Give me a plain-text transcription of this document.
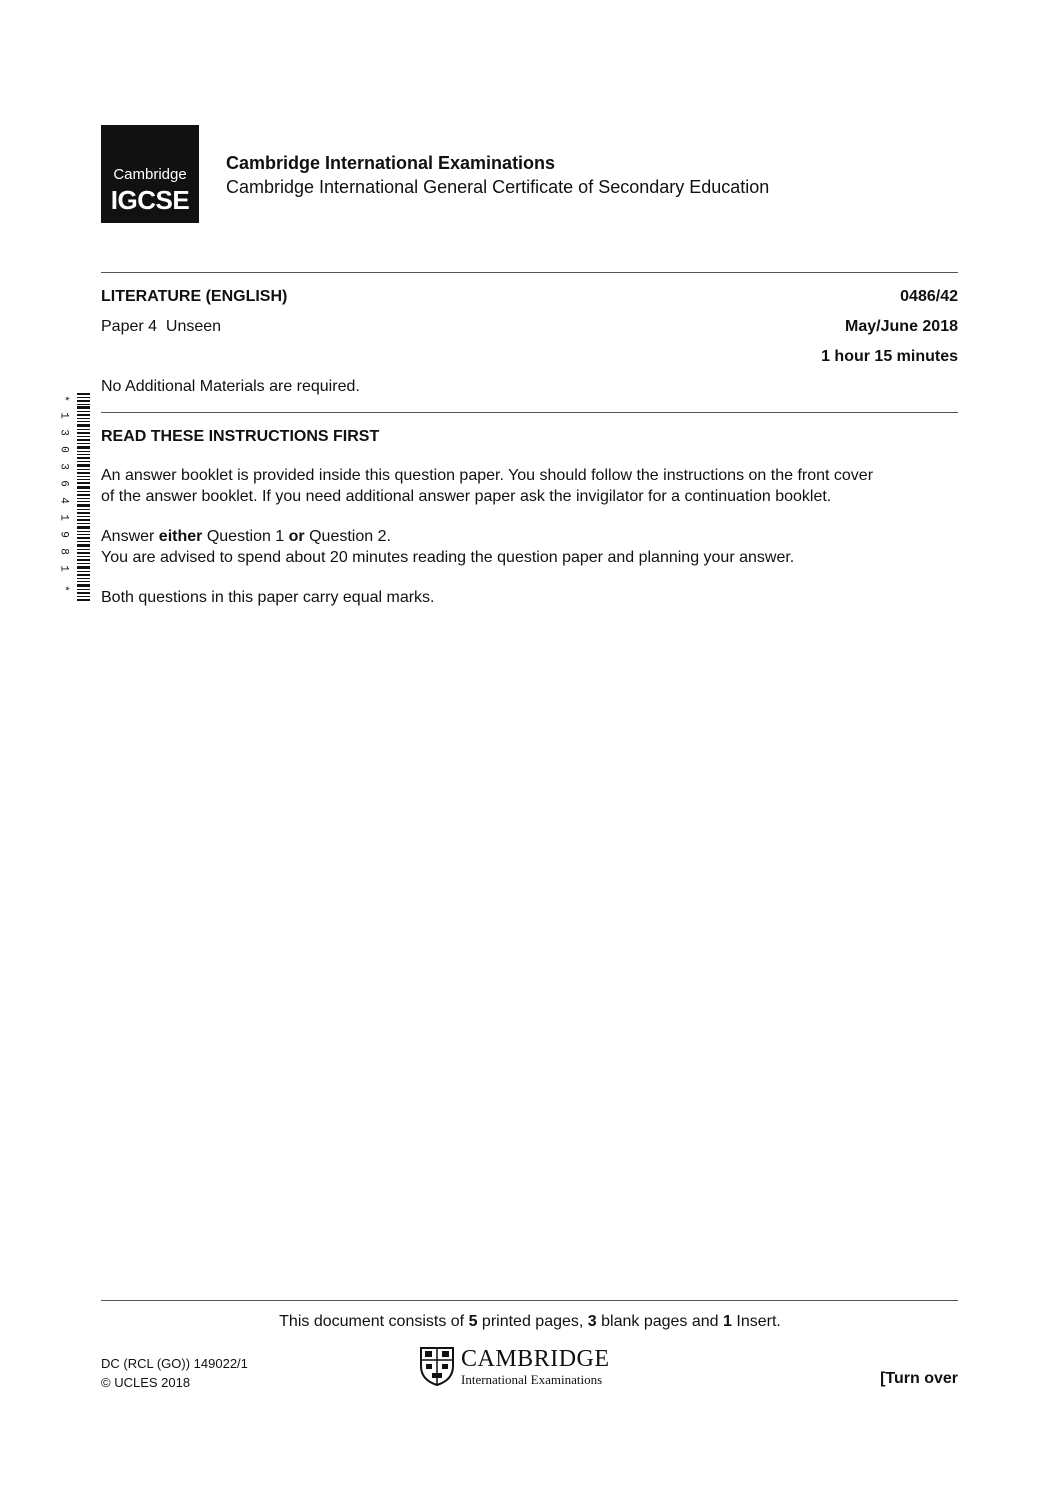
Cambridge
IGCSE
Cambridge International Examinations
Cambridge International General Certificate of Secondary Education
LITERATURE (ENGLISH)	0486/42
Paper 4  Unseen	May/June 2018
1 hour 15 minutes
No Additional Materials are required.
READ THESE INSTRUCTIONS FIRST
An answer booklet is provided inside this question paper. You should follow the instructions on the front cover
of the answer booklet. If you need additional answer paper ask the invigilator for a continuation booklet.
Answer either Question 1 or Question 2.
You are advised to spend about 20 minutes reading the question paper and planning your answer.
Both questions in this paper carry equal marks.
*
1
3
0
3
6
4
1
9
8
1
*
This document consists of 5 printed pages, 3 blank pages and 1 Insert.
DC (RCL (GO)) 149022/1
© UCLES 2018
CAMBRIDGE
International Examinations	[Turn over
